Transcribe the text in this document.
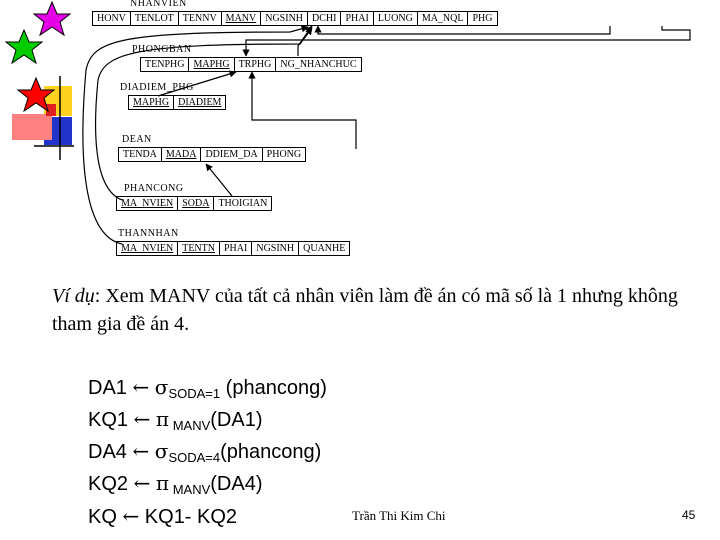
NHANVIEN
HONV TENLOT TENNV MANV NGSINH DCHI PHAI LUONG MA_NQL PHG
PHONGBAN
TENPHG MAPHG TRPHG NG_NHANCHUC
DIADIEM_PHG
MAPHG DIADIEM
DEAN
TENDA MADA DDIEM_DA PHONG
PHANCONG
MA_NVIEN SODA THOIGIAN
THANNHAN
MA_NVIEN TENTN PHAI NGSINH QUANHE
Ví dụ: Xem MANV của tất cả nhân viên làm đề án có mã số là 1 nhưng không tham gia đề án 4.
DA1 ← $\sigma_{SODA=1}$ (phancong)
KQ1 ← π $_{MANV}$(DA1)
DA4 ← $\sigma_{SODA=4}(phancong)$
KQ2 ← π $_{MANV}$(DA4)
KQ ← KQ1- KQ2	Trần Thi Kim Chi	45
